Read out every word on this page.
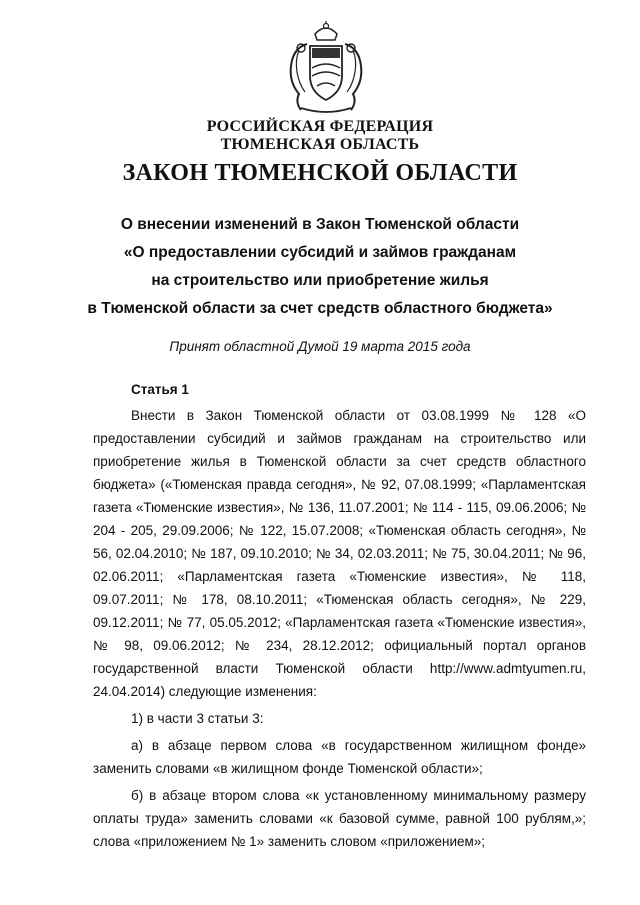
РОССИЙСКАЯ ФЕДЕРАЦИЯ
ТЮМЕНСКАЯ ОБЛАСТЬ
ЗАКОН ТЮМЕНСКОЙ ОБЛАСТИ
О внесении изменений в Закон Тюменской области
«О предоставлении субсидий и займов гражданам
на строительство или приобретение жилья
в Тюменской области за счет средств областного бюджета»
Принят областной Думой 19 марта 2015 года
Статья 1

Внести в Закон Тюменской области от 03.08.1999 № 128 «О предоставлении субсидий и займов гражданам на строительство или приобретение жилья в Тюменской области за счет средств областного бюджета» («Тюменская правда сегодня», № 92, 07.08.1999; «Парламентская газета «Тюменские известия», № 136, 11.07.2001; № 114 - 115, 09.06.2006; № 204 - 205, 29.09.2006; № 122, 15.07.2008; «Тюменская область сегодня», № 56, 02.04.2010; № 187, 09.10.2010; № 34, 02.03.2011; № 75, 30.04.2011; № 96, 02.06.2011; «Парламентская газета «Тюменские известия», № 118, 09.07.2011; № 178, 08.10.2011; «Тюменская область сегодня», № 229, 09.12.2011; № 77, 05.05.2012; «Парламентская газета «Тюменские известия», № 98, 09.06.2012; № 234, 28.12.2012; официальный портал органов государственной власти Тюменской области http://www.admtyumen.ru, 24.04.2014) следующие изменения:

1) в части 3 статьи 3:

а) в абзаце первом слова «в государственном жилищном фонде» заменить словами «в жилищном фонде Тюменской области»;

б) в абзаце втором слова «к установленному минимальному размеру оплаты труда» заменить словами «к базовой сумме, равной 100 рублям,»; слова «приложением № 1» заменить словом «приложением»;
